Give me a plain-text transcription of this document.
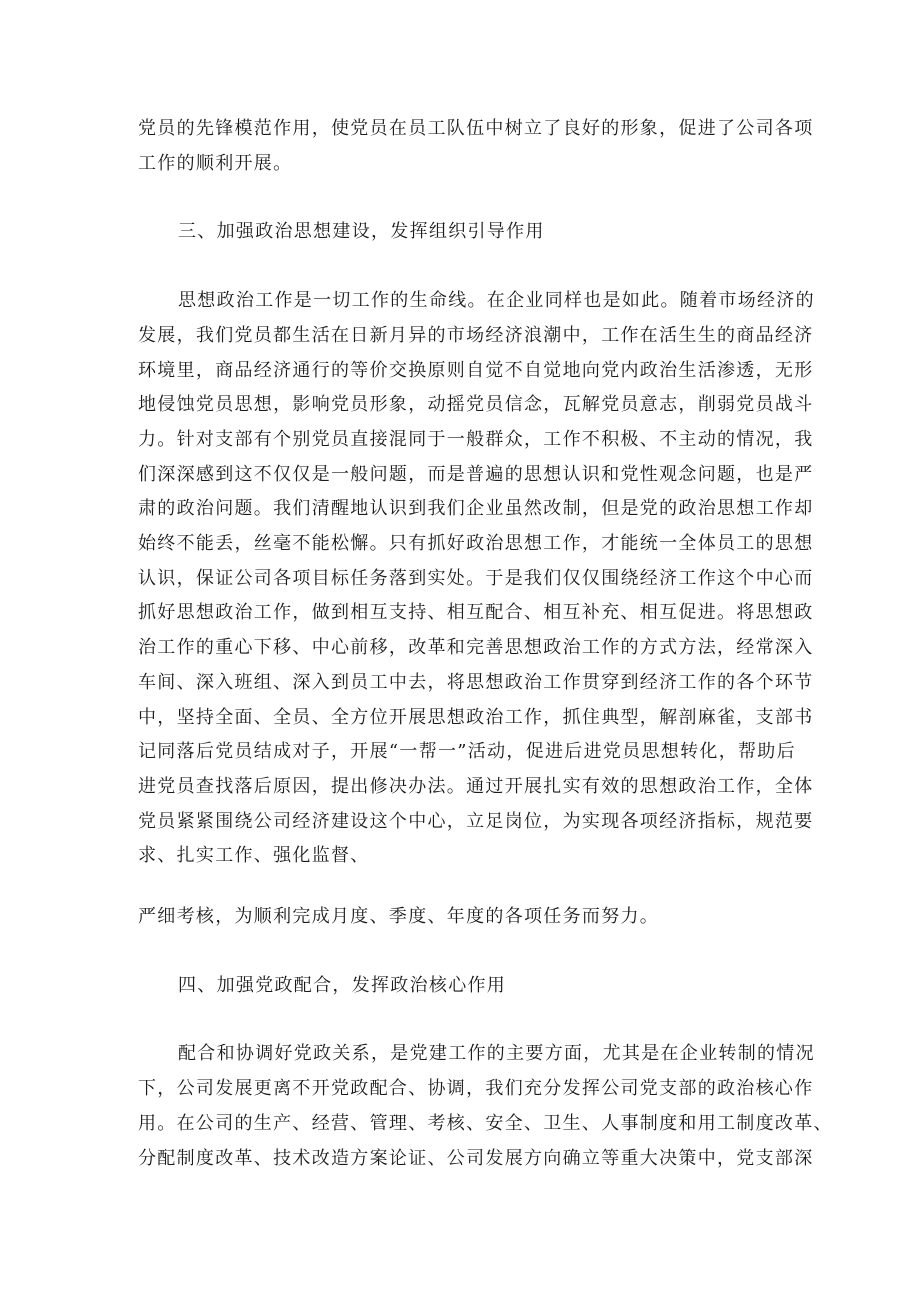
党员的先锋模范作用，使党员在员工队伍中树立了良好的形象，促进了公司各项

工作的顺利开展。

三、加强政治思想建设，发挥组织引导作用

思想政治工作是一切工作的生命线。在企业同样也是如此。随着市场经济的

发展，我们党员都生活在日新月异的市场经济浪潮中，工作在活生生的商品经济

环境里，商品经济通行的等价交换原则自觉不自觉地向党内政治生活渗透，无形

地侵蚀党员思想，影响党员形象，动摇党员信念，瓦解党员意志，削弱党员战斗

力。针对支部有个别党员直接混同于一般群众，工作不积极、不主动的情况，我

们深深感到这不仅仅是一般问题，而是普遍的思想认识和党性观念问题，也是严

肃的政治问题。我们清醒地认识到我们企业虽然改制，但是党的政治思想工作却

始终不能丢，丝毫不能松懈。只有抓好政治思想工作，才能统一全体员工的思想

认识，保证公司各项目标任务落到实处。于是我们仅仅围绕经济工作这个中心而

抓好思想政治工作，做到相互支持、相互配合、相互补充、相互促进。将思想政

治工作的重心下移、中心前移，改革和完善思想政治工作的方式方法，经常深入

车间、深入班组、深入到员工中去，将思想政治工作贯穿到经济工作的各个环节

中，坚持全面、全员、全方位开展思想政治工作，抓住典型，解剖麻雀，支部书

记同落后党员结成对子，开展“一帮一”活动，促进后进党员思想转化，帮助后

进党员查找落后原因，提出修决办法。通过开展扎实有效的思想政治工作，全体

党员紧紧围绕公司经济建设这个中心，立足岗位，为实现各项经济指标，规范要

求、扎实工作、强化监督、

严细考核，为顺利完成月度、季度、年度的各项任务而努力。

四、加强党政配合，发挥政治核心作用

配合和协调好党政关系，是党建工作的主要方面，尤其是在企业转制的情况

下，公司发展更离不开党政配合、协调，我们充分发挥公司党支部的政治核心作

用。在公司的生产、经营、管理、考核、安全、卫生、人事制度和用工制度改革、

分配制度改革、技术改造方案论证、公司发展方向确立等重大决策中，党支部深
